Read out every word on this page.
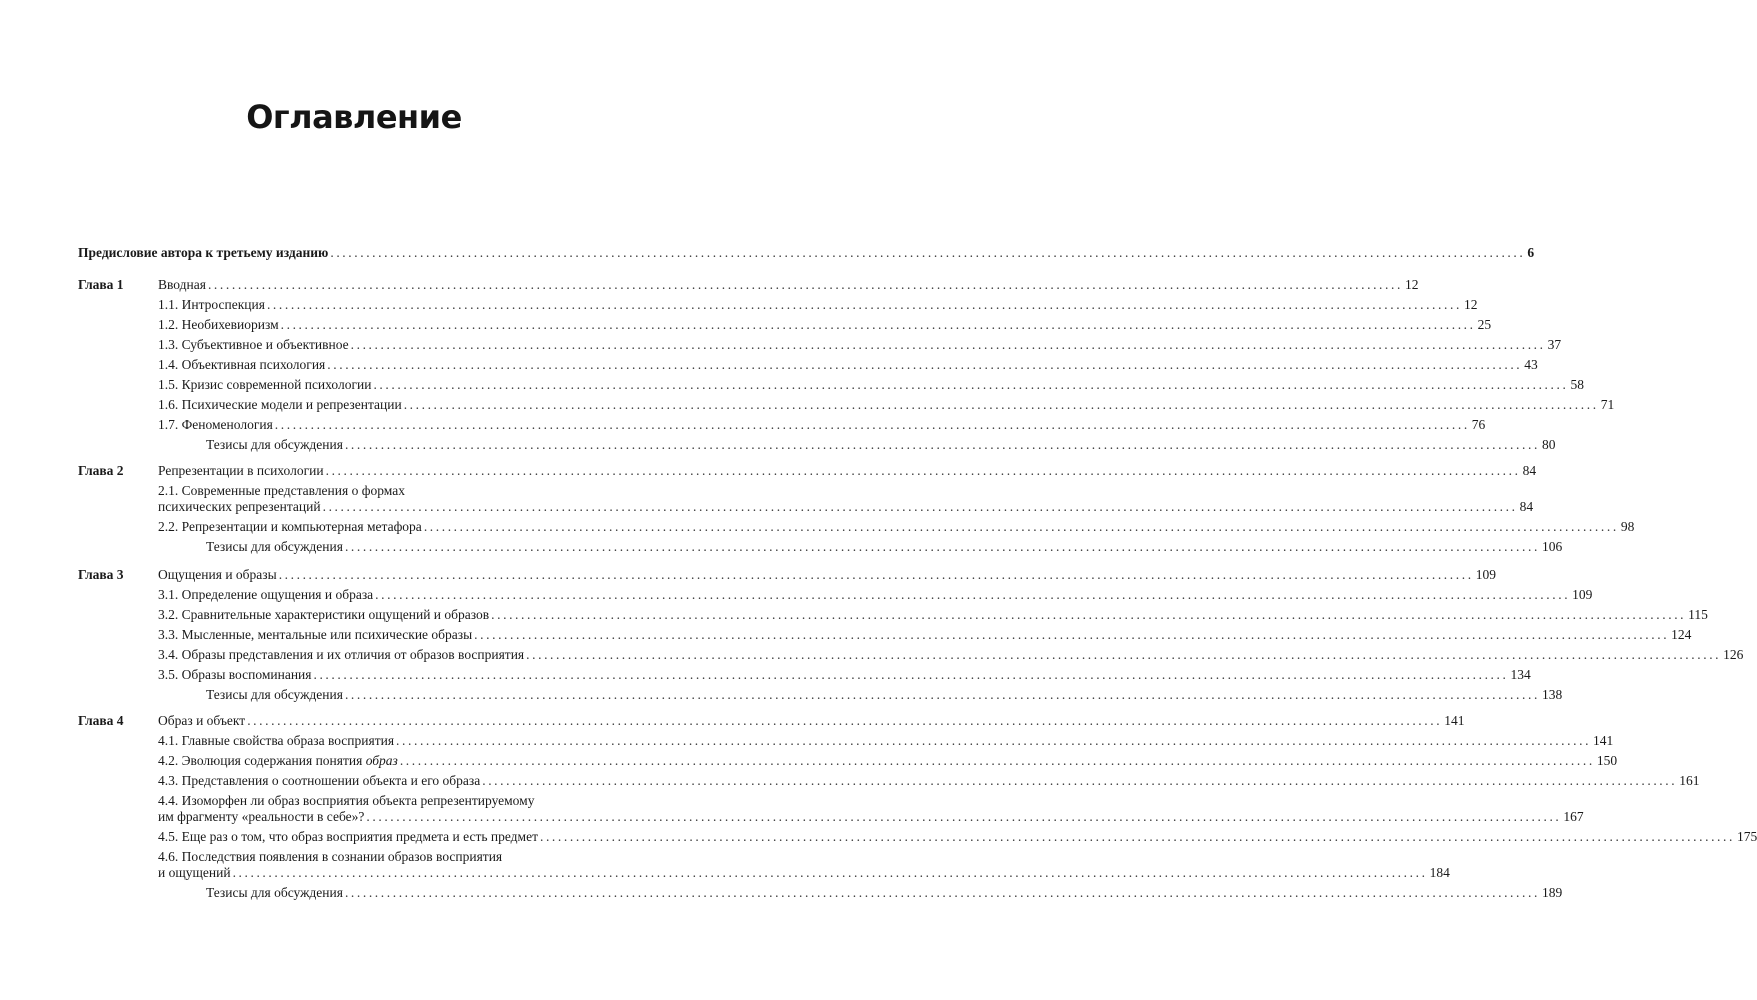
Оглавление
Предисловие автора к третьему изданию ........................................................................................................................................................................................................ 6
Глава 1	Вводная ........................................................................................................................................................................................................ 12
1.1. Интроспекция ........................................................................................................................................................................................................ 12
1.2. Необихевиоризм ........................................................................................................................................................................................................ 25
1.3. Субъективное и объективное ........................................................................................................................................................................................................ 37
1.4. Объективная психология ........................................................................................................................................................................................................ 43
1.5. Кризис современной психологии ........................................................................................................................................................................................................ 58
1.6. Психические модели и репрезентации ........................................................................................................................................................................................................ 71
1.7. Феноменология ........................................................................................................................................................................................................ 76
Тезисы для обсуждения ........................................................................................................................................................................................................ 80
Глава 2	Репрезентации в психологии ........................................................................................................................................................................................................ 84
2.1. Современные представления о формах
психических репрезентаций ........................................................................................................................................................................................................ 84
2.2. Репрезентации и компьютерная метафора ........................................................................................................................................................................................................ 98
Тезисы для обсуждения ........................................................................................................................................................................................................ 106
Глава 3	Ощущения и образы ........................................................................................................................................................................................................ 109
3.1. Определение ощущения и образа ........................................................................................................................................................................................................ 109
3.2. Сравнительные характеристики ощущений и образов ........................................................................................................................................................................................................ 115
3.3. Мысленные, ментальные или психические образы ........................................................................................................................................................................................................ 124
3.4. Образы представления и их отличия от образов восприятия ........................................................................................................................................................................................................ 126
3.5. Образы воспоминания ........................................................................................................................................................................................................ 134
Тезисы для обсуждения ........................................................................................................................................................................................................ 138
Глава 4	Образ и объект ........................................................................................................................................................................................................ 141
4.1. Главные свойства образа восприятия ........................................................................................................................................................................................................ 141
4.2. Эволюция содержания понятия образ ........................................................................................................................................................................................................ 150
4.3. Представления о соотношении объекта и его образа ........................................................................................................................................................................................................ 161
4.4. Изоморфен ли образ восприятия объекта репрезентируемому
им фрагменту «реальности в себе»? ........................................................................................................................................................................................................ 167
4.5. Еще раз о том, что образ восприятия предмета и есть предмет ........................................................................................................................................................................................................ 175
4.6. Последствия появления в сознании образов восприятия
и ощущений ........................................................................................................................................................................................................ 184
Тезисы для обсуждения ........................................................................................................................................................................................................ 189
